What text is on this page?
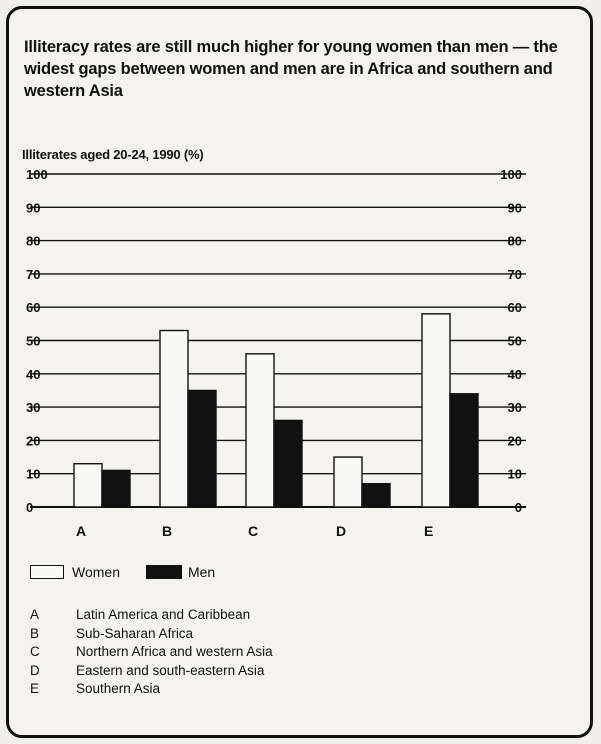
Illiteracy rates are still much higher for young women than men — the widest gaps between women and men are in Africa and southern and western Asia
Illiterates aged 20-24, 1990 (%)
0	0
10	10
20	20
30	30
40	40
50	50
60	60
70	70
80	80
90	90
100	100
A	B	C	D	E
Women	Men
A	Latin America and Caribbean
B	Sub-Saharan Africa
C	Northern Africa and western Asia
D	Eastern and south-eastern Asia
E	Southern Asia
